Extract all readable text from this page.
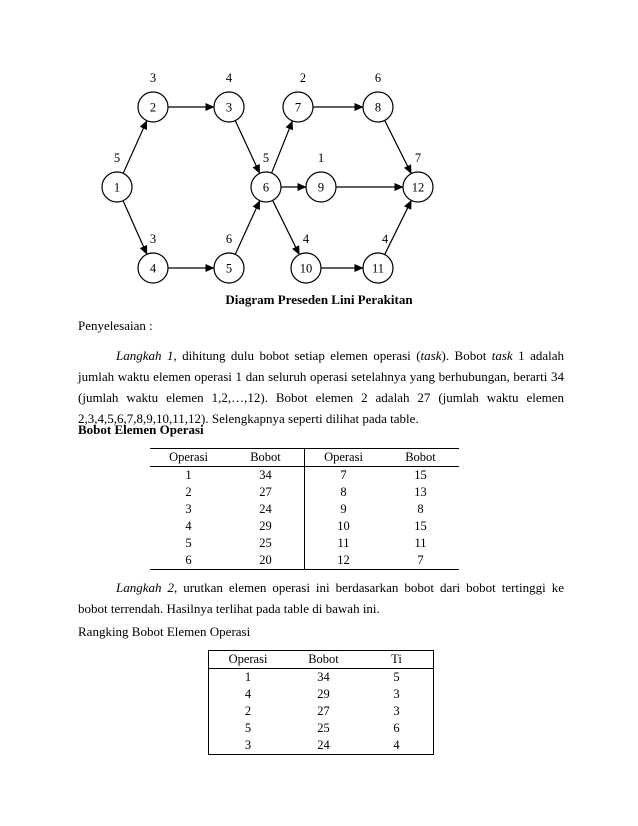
1
5
2
3
3
4
4
3
5
6
6
5
7
2
8
6
9
1
10
4
11
4
12
7
Diagram Preseden Lini Perakitan
Penyelesaian :
Langkah 1, dihitung dulu bobot setiap elemen operasi (task). Bobot task 1 adalah jumlah waktu elemen operasi 1 dan seluruh operasi setelahnya yang berhubungan, berarti 34 (jumlah waktu elemen 1,2,…,12). Bobot elemen 2 adalah 27 (jumlah waktu elemen 2,3,4,5,6,7,8,9,10,11,12). Selengkapnya seperti dilihat pada table.
Bobot Elemen Operasi
Operasi	Bobot	Operasi	Bobot
1	34	7	15
2	27	8	13
3	24	9	8
4	29	10	15
5	25	11	11
6	20	12	7
Langkah 2, urutkan elemen operasi ini berdasarkan bobot dari bobot tertinggi ke bobot terrendah. Hasilnya terlihat pada table di bawah ini.
Rangking Bobot Elemen Operasi
Operasi	Bobot	Ti
1	34	5
4	29	3
2	27	3
5	25	6
3	24	4
